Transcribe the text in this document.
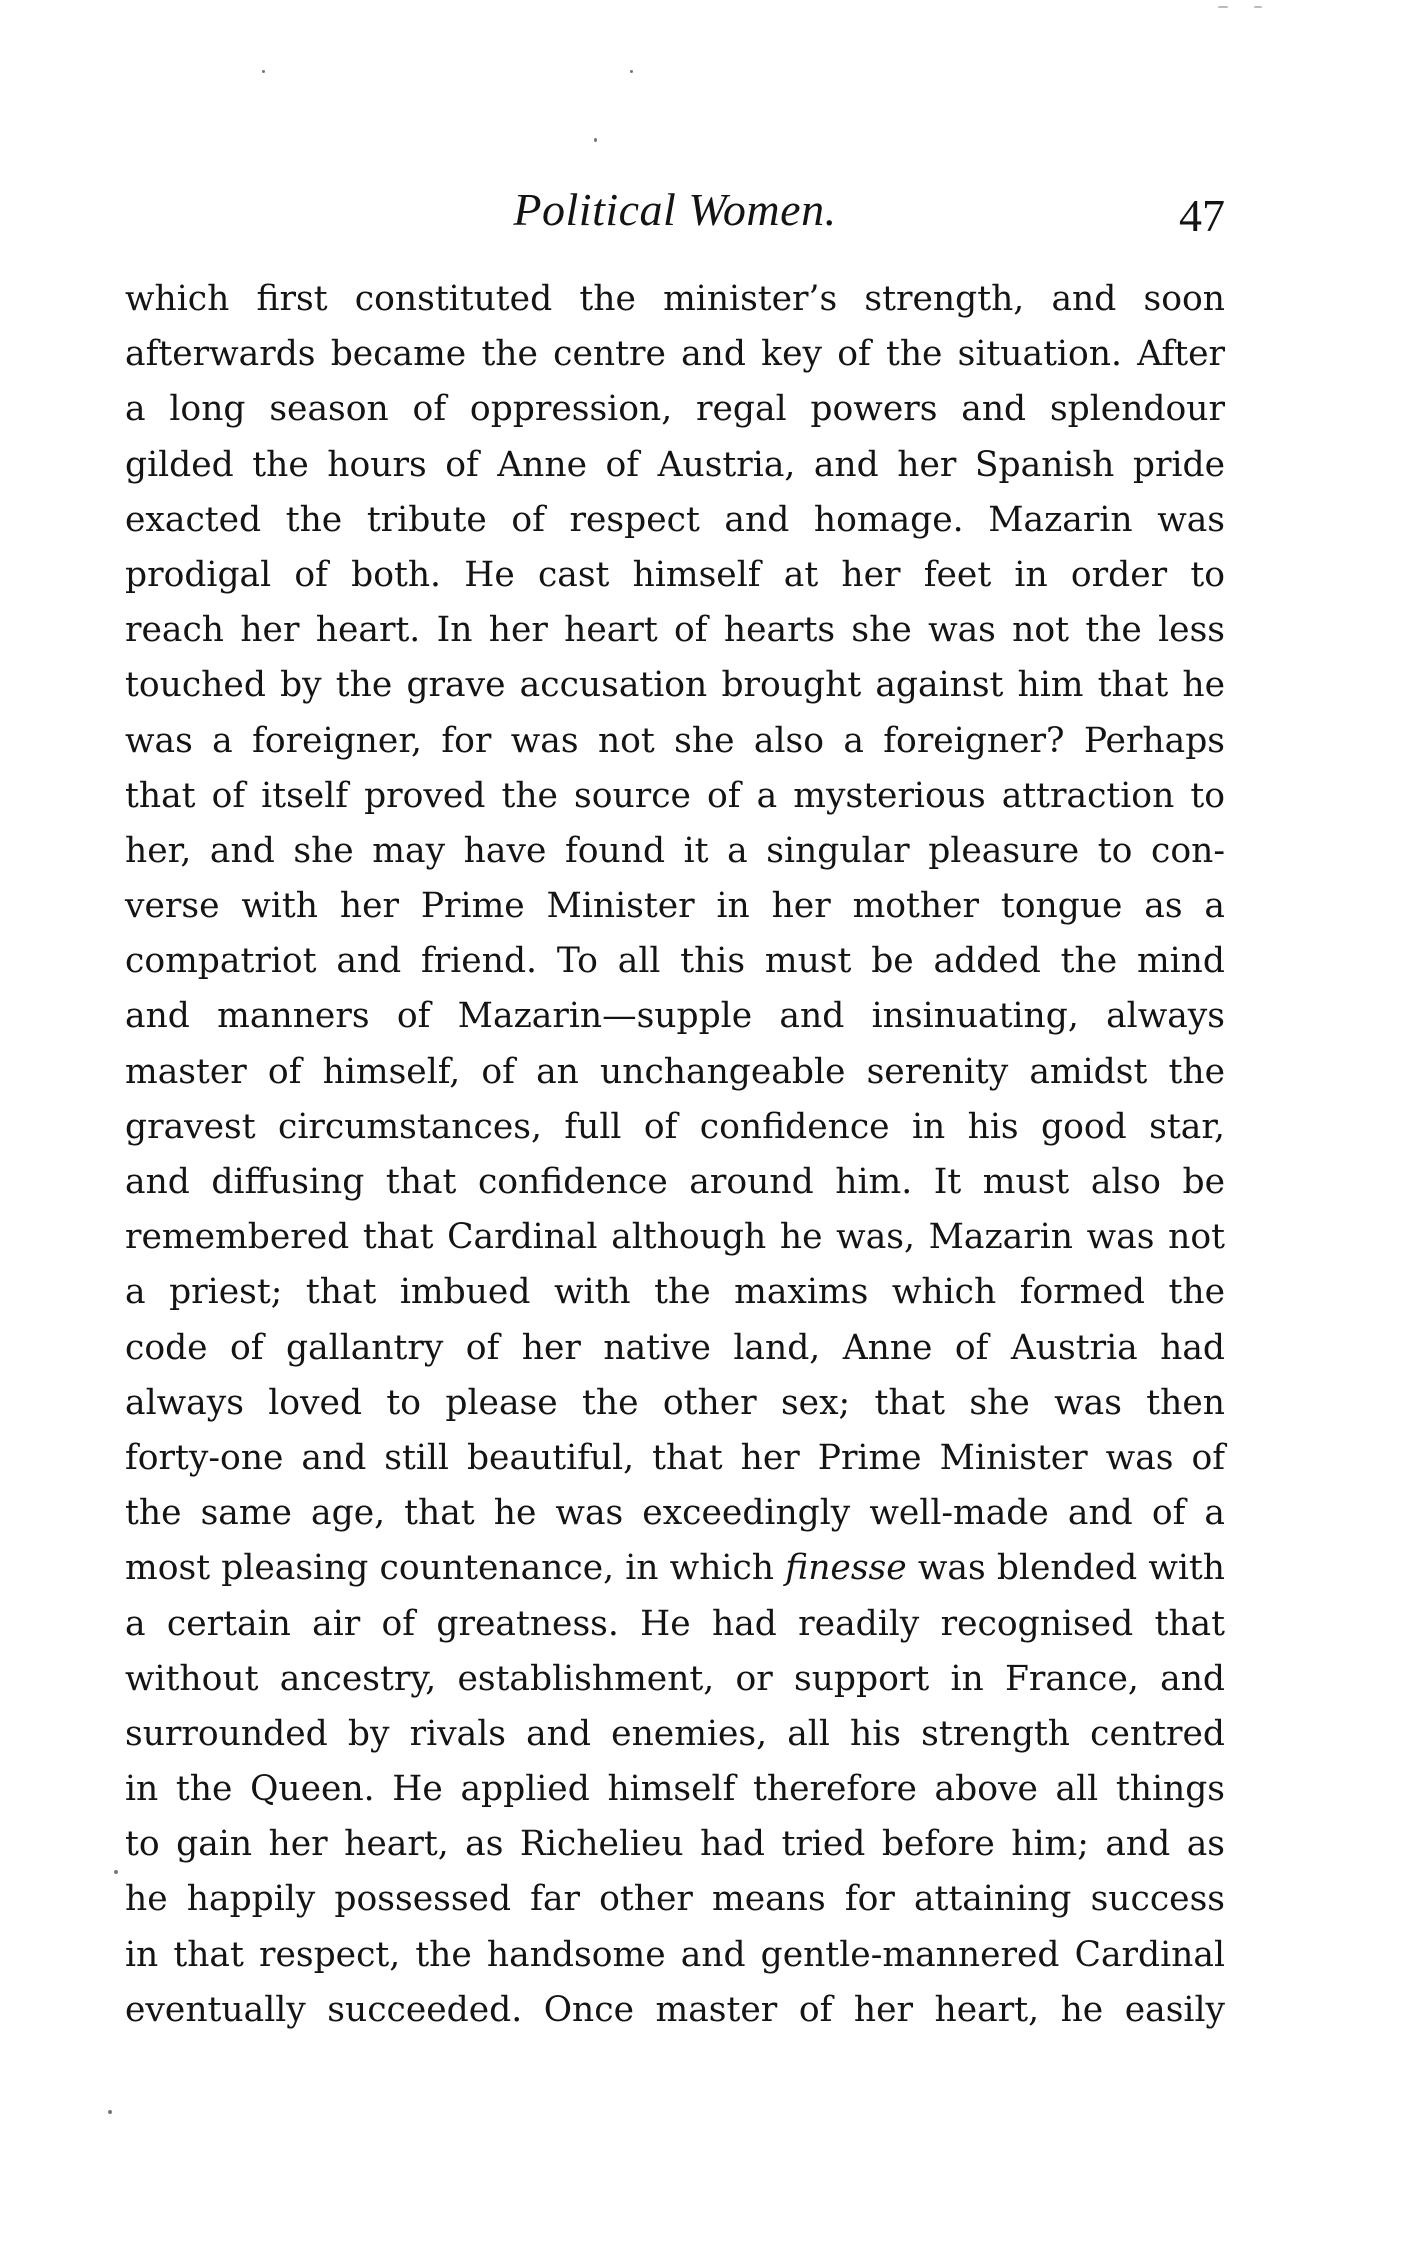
Political Women.	47
which first constituted the minister’s strength, and soon
afterwards became the centre and key of the situation. After
a long season of oppression, regal powers and splendour
gilded the hours of Anne of Austria, and her Spanish pride
exacted the tribute of respect and homage. Mazarin was
prodigal of both. He cast himself at her feet in order to
reach her heart. In her heart of hearts she was not the less
touched by the grave accusation brought against him that he
was a foreigner, for was not she also a foreigner? Perhaps
that of itself proved the source of a mysterious attraction to
her, and she may have found it a singular pleasure to con-
verse with her Prime Minister in her mother tongue as a
compatriot and friend. To all this must be added the mind
and manners of Mazarin—supple and insinuating, always
master of himself, of an unchangeable serenity amidst the
gravest circumstances, full of confidence in his good star,
and diffusing that confidence around him. It must also be
remembered that Cardinal although he was, Mazarin was not
a priest; that imbued with the maxims which formed the
code of gallantry of her native land, Anne of Austria had
always loved to please the other sex; that she was then
forty-one and still beautiful, that her Prime Minister was of
the same age, that he was exceedingly well-made and of a
most pleasing countenance, in which finesse was blended with
a certain air of greatness. He had readily recognised that
without ancestry, establishment, or support in France, and
surrounded by rivals and enemies, all his strength centred
in the Queen. He applied himself therefore above all things
to gain her heart, as Richelieu had tried before him; and as
he happily possessed far other means for attaining success
in that respect, the handsome and gentle-mannered Cardinal
eventually succeeded. Once master of her heart, he easily
